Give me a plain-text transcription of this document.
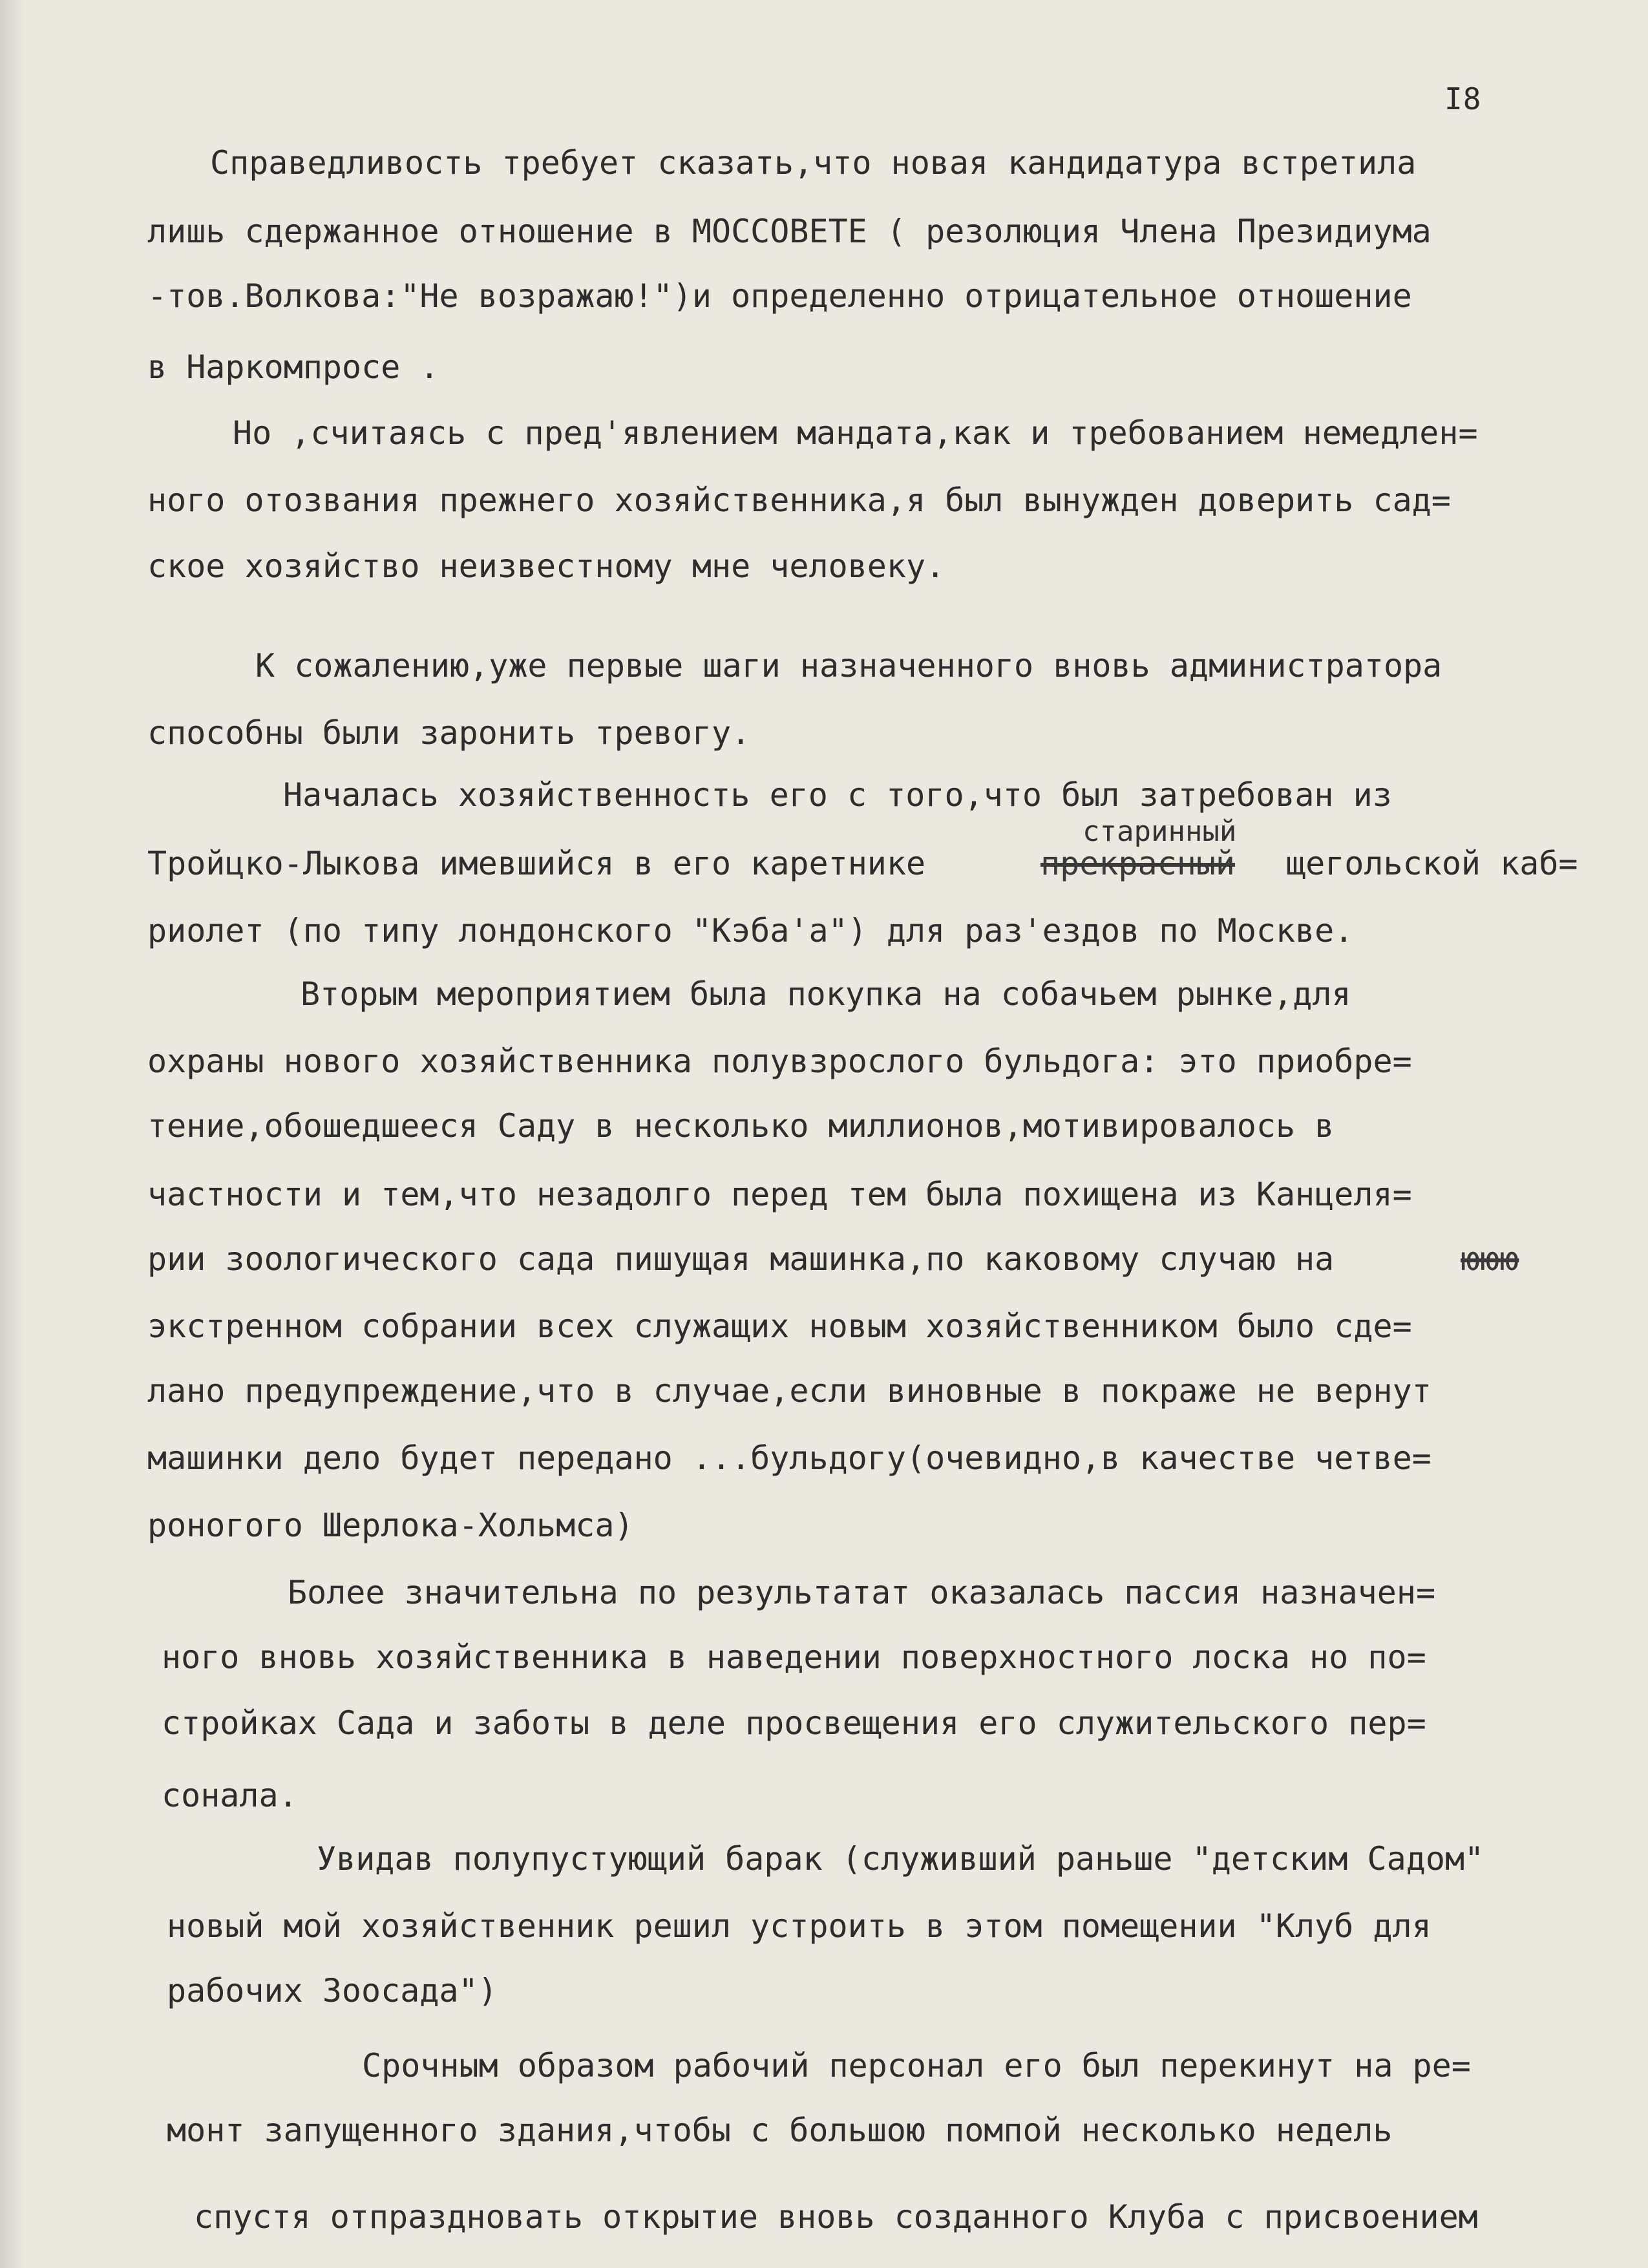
I8
Справедливость требует сказать,что новая кандидатура встретила
лишь сдержанное отношение в МОССОВЕТЕ ( резолюция Члена Президиума
-тов.Волкова:"Не возражаю!")и определенно отрицательное отношение
в Наркомпросе .
Но ,считаясь с пред'явлением мандата,как и требованием немедлен=
ного отозвания прежнего хозяйственника,я был вынужден доверить сад=
ское хозяйство неизвестному мне человеку.
К сожалению,уже первые шаги назначенного вновь администратора
способны были заронить тревогу.
Началась хозяйственность его с того,что был затребован из
старинный
Тройцко-Лыкова имевшийся в его каретнике	прекрасный щегольской каб=
риолет (по типу лондонского "Кэба'а") для раз'ездов по Москве.
Вторым мероприятием была покупка на собачьем рынке,для
охраны нового хозяйственника полувзрослого бульдога: это приобре=
тение,обошедшееся Саду в несколько миллионов,мотивировалось в
частности и тем,что незадолго перед тем была похищена из Канцеля=
рии зоологического сада пишущая машинка,по каковому случаю на	ююю
экстренном собрании всех служащих новым хозяйственником было сде=
лано предупреждение,что в случае,если виновные в покраже не вернут
машинки дело будет передано ...бульдогу(очевидно,в качестве четве=
роногого Шерлока-Хольмса)
Более значительна по результатат оказалась пассия назначен=
ного вновь хозяйственника в наведении поверхностного лоска но по=
стройках Сада и заботы в деле просвещения его служительского пер=
сонала.
Увидав полупустующий барак (служивший раньше "детским Садом"
новый мой хозяйственник решил устроить в этом помещении "Клуб для
рабочих Зоосада")
Срочным образом рабочий персонал его был перекинут на ре=
монт запущенного здания,чтобы с большою помпой несколько недель
спустя отпраздновать открытие вновь созданного Клуба с присвоением
